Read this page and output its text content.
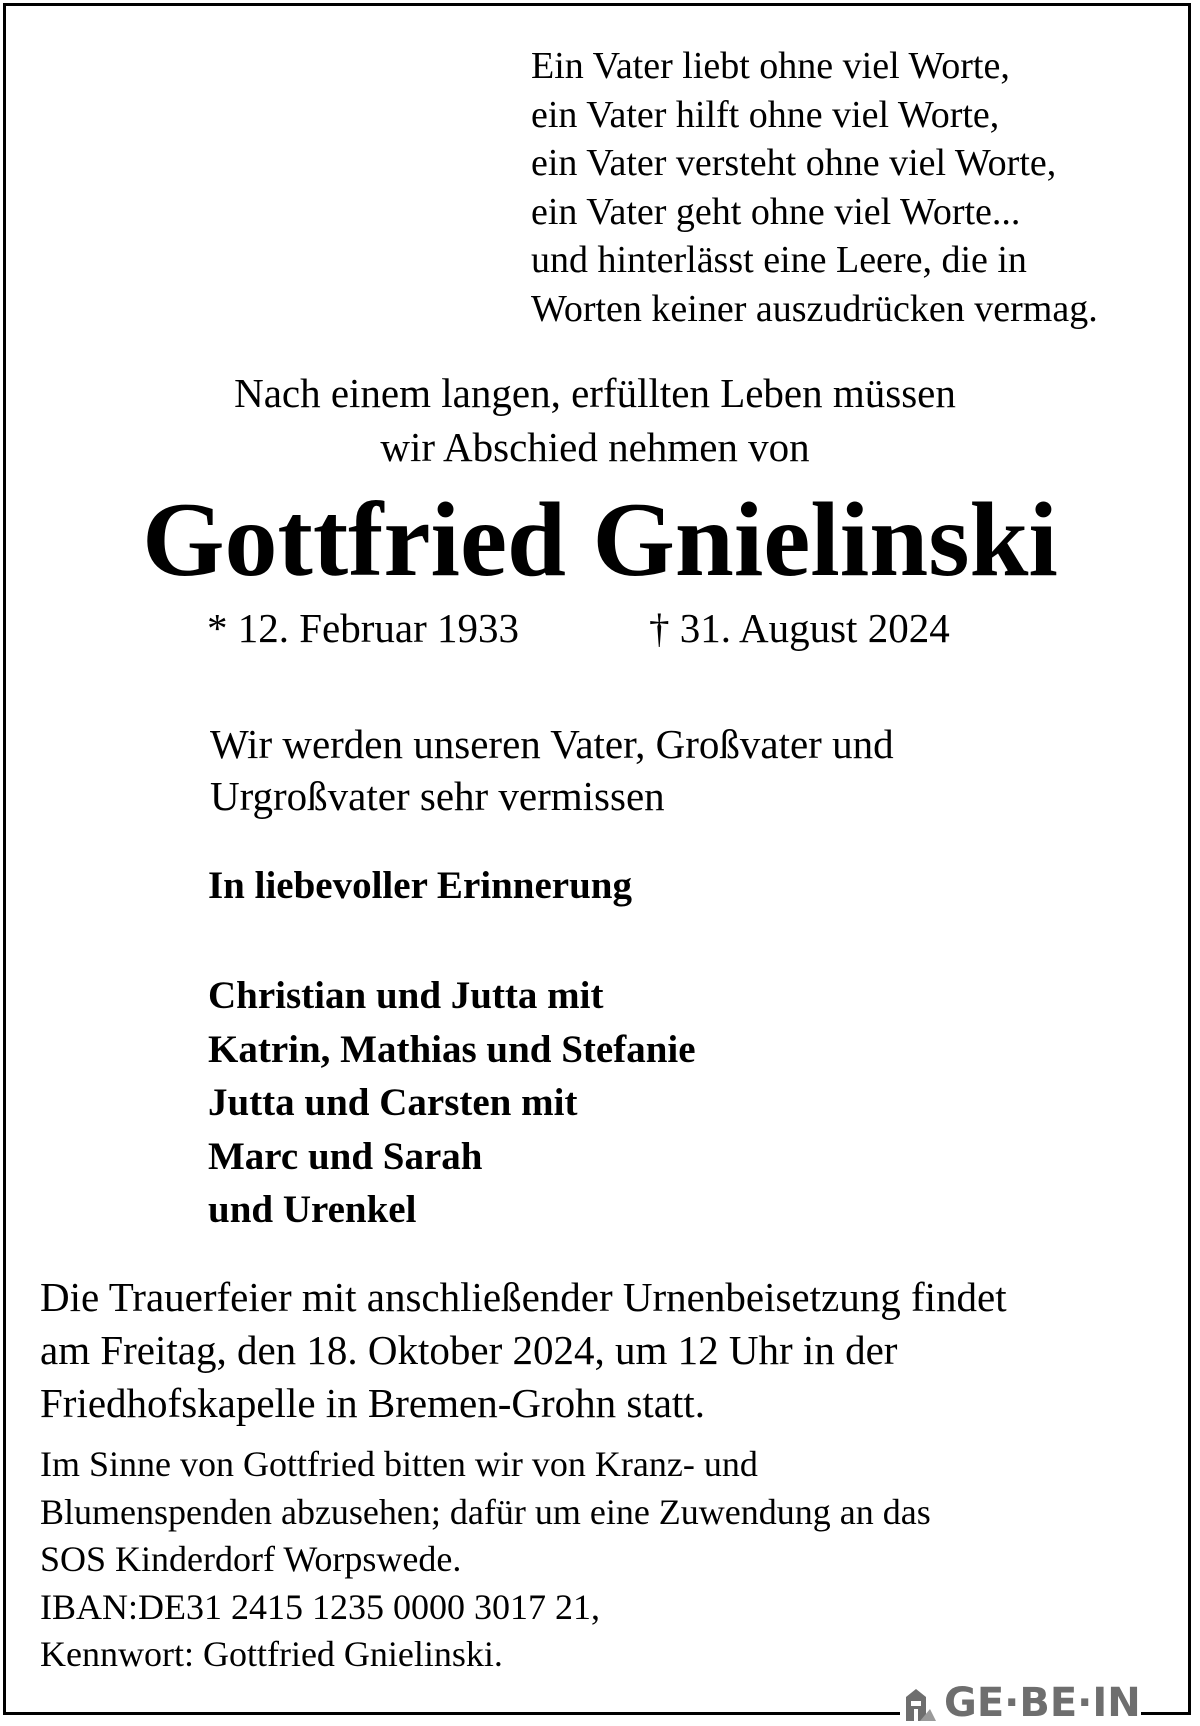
Ein Vater liebt ohne viel Worte,
ein Vater hilft ohne viel Worte,
ein Vater versteht ohne viel Worte,
ein Vater geht ohne viel Worte...
und hinterlässt eine Leere, die in
Worten keiner auszudrücken vermag.
Nach einem langen, erfüllten Leben müssen
wir Abschied nehmen von
Gottfried Gnielinski
* 12. Februar 1933	† 31. August 2024
Wir werden unseren Vater, Großvater und
Urgroßvater sehr vermissen
In liebevoller Erinnerung
Christian und Jutta mit
Katrin, Mathias und Stefanie
Jutta und Carsten mit
Marc und Sarah
und Urenkel
Die Trauerfeier mit anschließender Urnenbeisetzung findet
am Freitag, den 18. Oktober 2024, um 12 Uhr in der
Friedhofskapelle in Bremen-Grohn statt.
Im Sinne von Gottfried bitten wir von Kranz- und
Blumenspenden abzusehen; dafür um eine Zuwendung an das
SOS Kinderdorf Worpswede.
IBAN:DE31 2415 1235 0000 3017 21,
Kennwort: Gottfried Gnielinski.
GE·BE·IN
